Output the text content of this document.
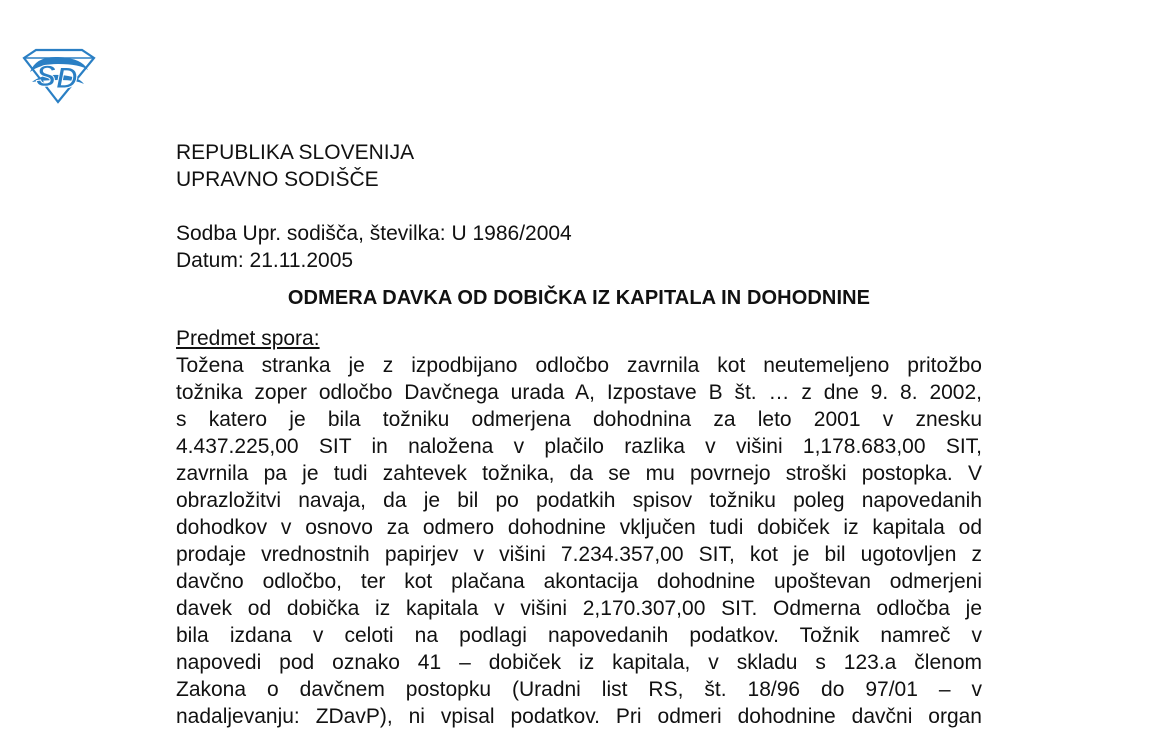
S D
REPUBLIKA SLOVENIJA
UPRAVNO SODIŠČE
Sodba Upr. sodišča, številka: U 1986/2004
Datum: 21.11.2005
ODMERA DAVKA OD DOBIČKA IZ KAPITALA IN DOHODNINE
Predmet spora:
Tožena stranka je z izpodbijano odločbo zavrnila kot neutemeljeno pritožbo
tožnika zoper odločbo Davčnega urada A, Izpostave B št. … z dne 9. 8. 2002,
s katero je bila tožniku odmerjena dohodnina za leto 2001 v znesku
4.437.225,00 SIT in naložena v plačilo razlika v višini 1,178.683,00 SIT,
zavrnila pa je tudi zahtevek tožnika, da se mu povrnejo stroški postopka. V
obrazložitvi navaja, da je bil po podatkih spisov tožniku poleg napovedanih
dohodkov v osnovo za odmero dohodnine vključen tudi dobiček iz kapitala od
prodaje vrednostnih papirjev v višini 7.234.357,00 SIT, kot je bil ugotovljen z
davčno odločbo, ter kot plačana akontacija dohodnine upoštevan odmerjeni
davek od dobička iz kapitala v višini 2,170.307,00 SIT. Odmerna odločba je
bila izdana v celoti na podlagi napovedanih podatkov. Tožnik namreč v
napovedi pod oznako 41 – dobiček iz kapitala, v skladu s 123.a členom
Zakona o davčnem postopku (Uradni list RS, št. 18/96 do 97/01 – v
nadaljevanju: ZDavP), ni vpisal podatkov. Pri odmeri dohodnine davčni organ
